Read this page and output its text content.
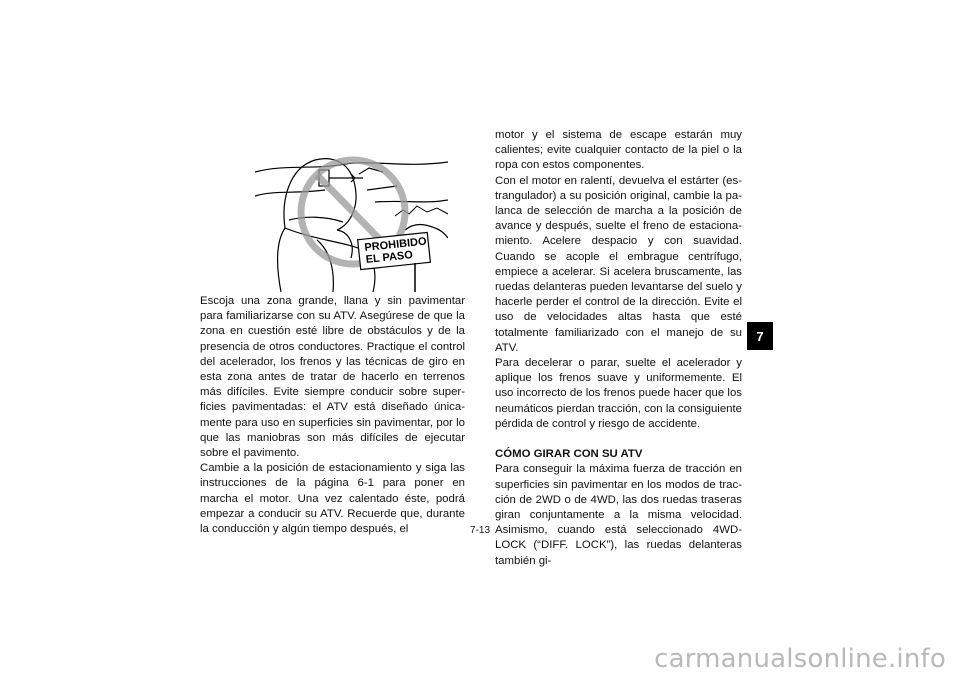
PROHIBIDO
EL PASO

Escoja una zona grande, llana y sin pavimentar para familiarizarse con su ATV. Asegúrese de que la zona en cuestión esté libre de obstáculos y de la presencia de otros conductores. Practique el control del acelerador, los frenos y las técnicas de giro en esta zona antes de tratar de hacerlo en terrenos más difíciles. Evite siempre conducir sobre superficies pavimentadas: el ATV está diseñado únicamente para uso en superficies sin pavimentar, por lo que las maniobras son más difíciles de ejecutar sobre el pavimento.

Cambie a la posición de estacionamiento y siga las instrucciones de la página 6-1 para poner en marcha el motor. Una vez calentado éste, podrá empezar a conducir su ATV. Recuerde que, durante la conducción y algún tiempo después, el

motor y el sistema de escape estarán muy calientes; evite cualquier contacto de la piel o la ropa con estos componentes.

Con el motor en ralentí, devuelva el estárter (estrangulador) a su posición original, cambie la palanca de selección de marcha a la posición de avance y después, suelte el freno de estacionamiento. Acelere despacio y con suavidad. Cuando se acople el embrague centrífugo, empiece a acelerar. Si acelera bruscamente, las ruedas delanteras pueden levantarse del suelo y hacerle perder el control de la dirección. Evite el uso de velocidades altas hasta que esté totalmente familiarizado con el manejo de su ATV.

Para decelerar o parar, suelte el acelerador y aplique los frenos suave y uniformemente. El uso incorrecto de los frenos puede hacer que los neumáticos pierdan tracción, con la consiguiente pérdida de control y riesgo de accidente.

CÓMO GIRAR CON SU ATV

Para conseguir la máxima fuerza de tracción en superficies sin pavimentar en los modos de tracción de 2WD o de 4WD, las dos ruedas traseras giran conjuntamente a la misma velocidad. Asimismo, cuando está seleccionado 4WD-LOCK (“DIFF. LOCK”), las ruedas delanteras también gi-

7-13
7
carmanualsonline.info
